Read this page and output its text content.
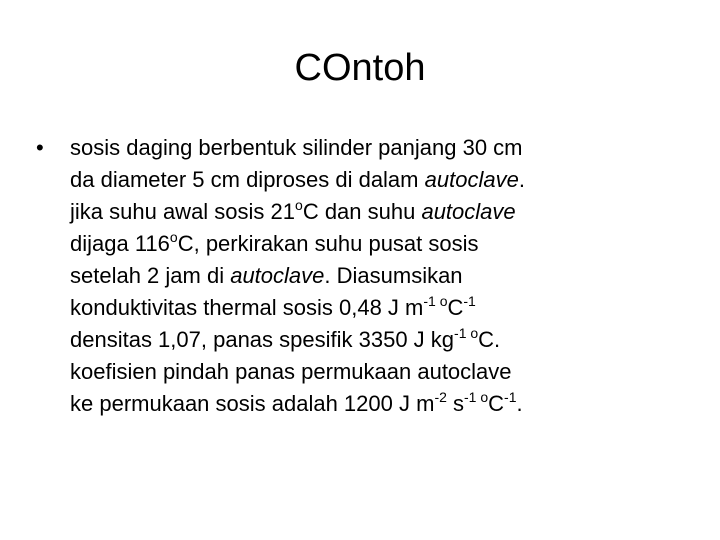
COntoh
• sosis daging berbentuk silinder panjang 30 cm
da diameter 5 cm diproses di dalam autoclave.
jika suhu awal sosis 21$^o$C dan suhu autoclave
dijaga 116$^o$C, perkirakan suhu pusat sosis
setelah 2 jam di autoclave. Diasumsikan
konduktivitas thermal sosis 0,48 J $m^{-1 o}C^{-1}$
densitas 1,07, panas spesifik 3350 J $kg^{-1 o}C$.
koefisien pindah panas permukaan autoclave
ke permukaan sosis adalah 1200 J $m^{-2}$ $s^{-1 o}C^{-1}$.
